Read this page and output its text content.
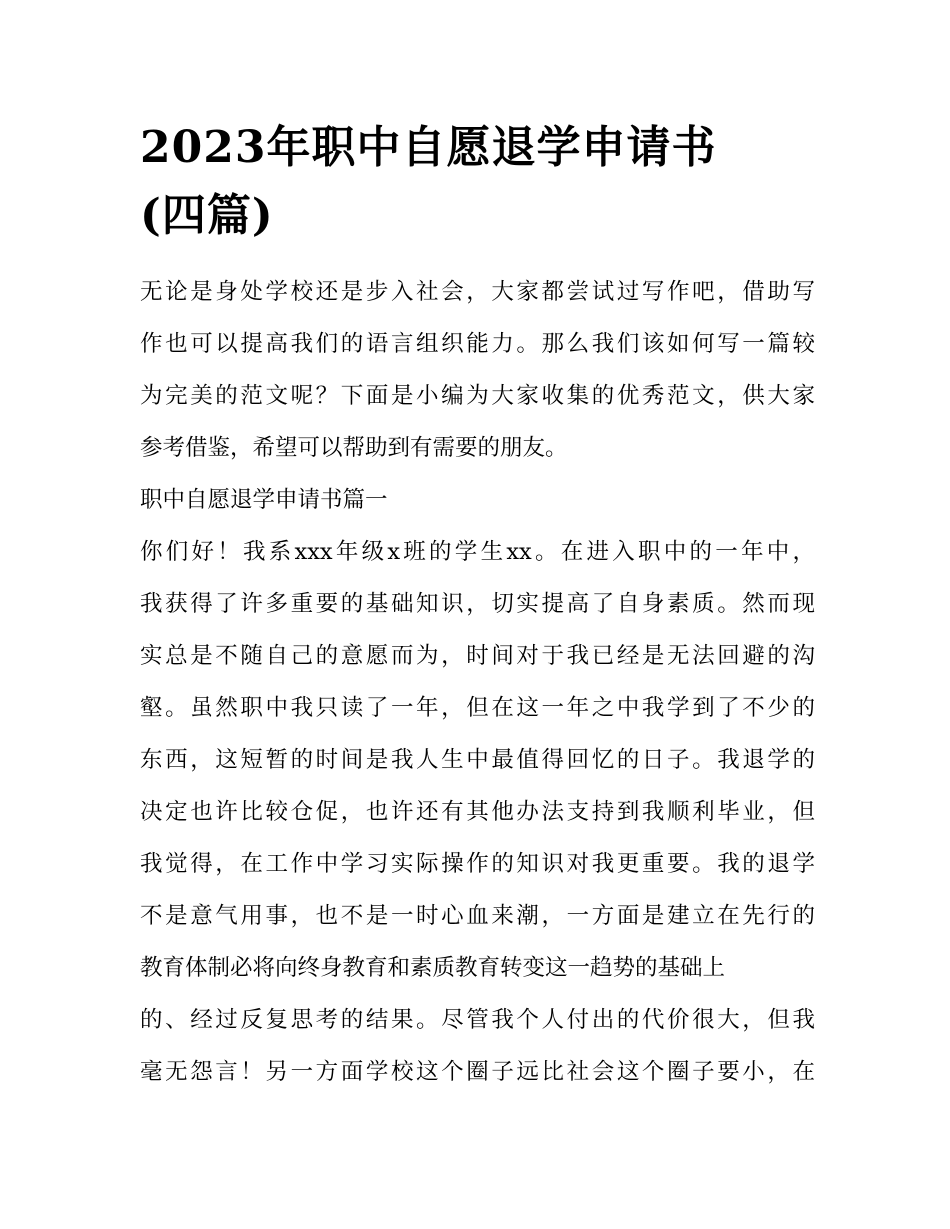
2023年职中自愿退学申请书
(四篇)
无论是身处学校还是步入社会，大家都尝试过写作吧，借助写
作也可以提高我们的语言组织能力。那么我们该如何写一篇较
为完美的范文呢？下面是小编为大家收集的优秀范文，供大家
参考借鉴，希望可以帮助到有需要的朋友。
职中自愿退学申请书篇一
你们好！我系xxx年级x班的学生xx。在进入职中的一年中，
我获得了许多重要的基础知识，切实提高了自身素质。然而现
实总是不随自己的意愿而为，时间对于我已经是无法回避的沟
壑。虽然职中我只读了一年，但在这一年之中我学到了不少的
东西，这短暂的时间是我人生中最值得回忆的日子。我退学的
决定也许比较仓促，也许还有其他办法支持到我顺利毕业，但
我觉得，在工作中学习实际操作的知识对我更重要。我的退学
不是意气用事，也不是一时心血来潮，一方面是建立在先行的
教育体制必将向终身教育和素质教育转变这一趋势的基础上
的、经过反复思考的结果。尽管我个人付出的代价很大，但我
毫无怨言！另一方面学校这个圈子远比社会这个圈子要小，在
